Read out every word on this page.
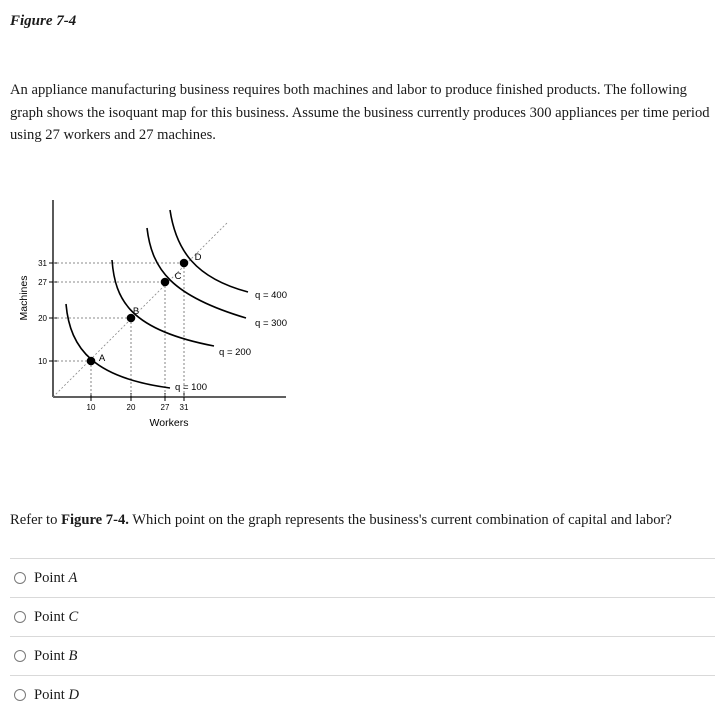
Figure 7-4

An appliance manufacturing business requires both machines and labor to produce finished products. The following graph shows the isoquant map for this business. Assume the business currently produces 300 appliances per time period using 27 workers and 27 machines.

10
20
27
31
10	20	27 31
q = 100
q = 200
q = 300
q = 400
A
B
C
D
Machines
Workers

Refer to Figure 7-4. Which point on the graph represents the business's current combination of capital and labor?

Point A
Point C
Point B
Point D
